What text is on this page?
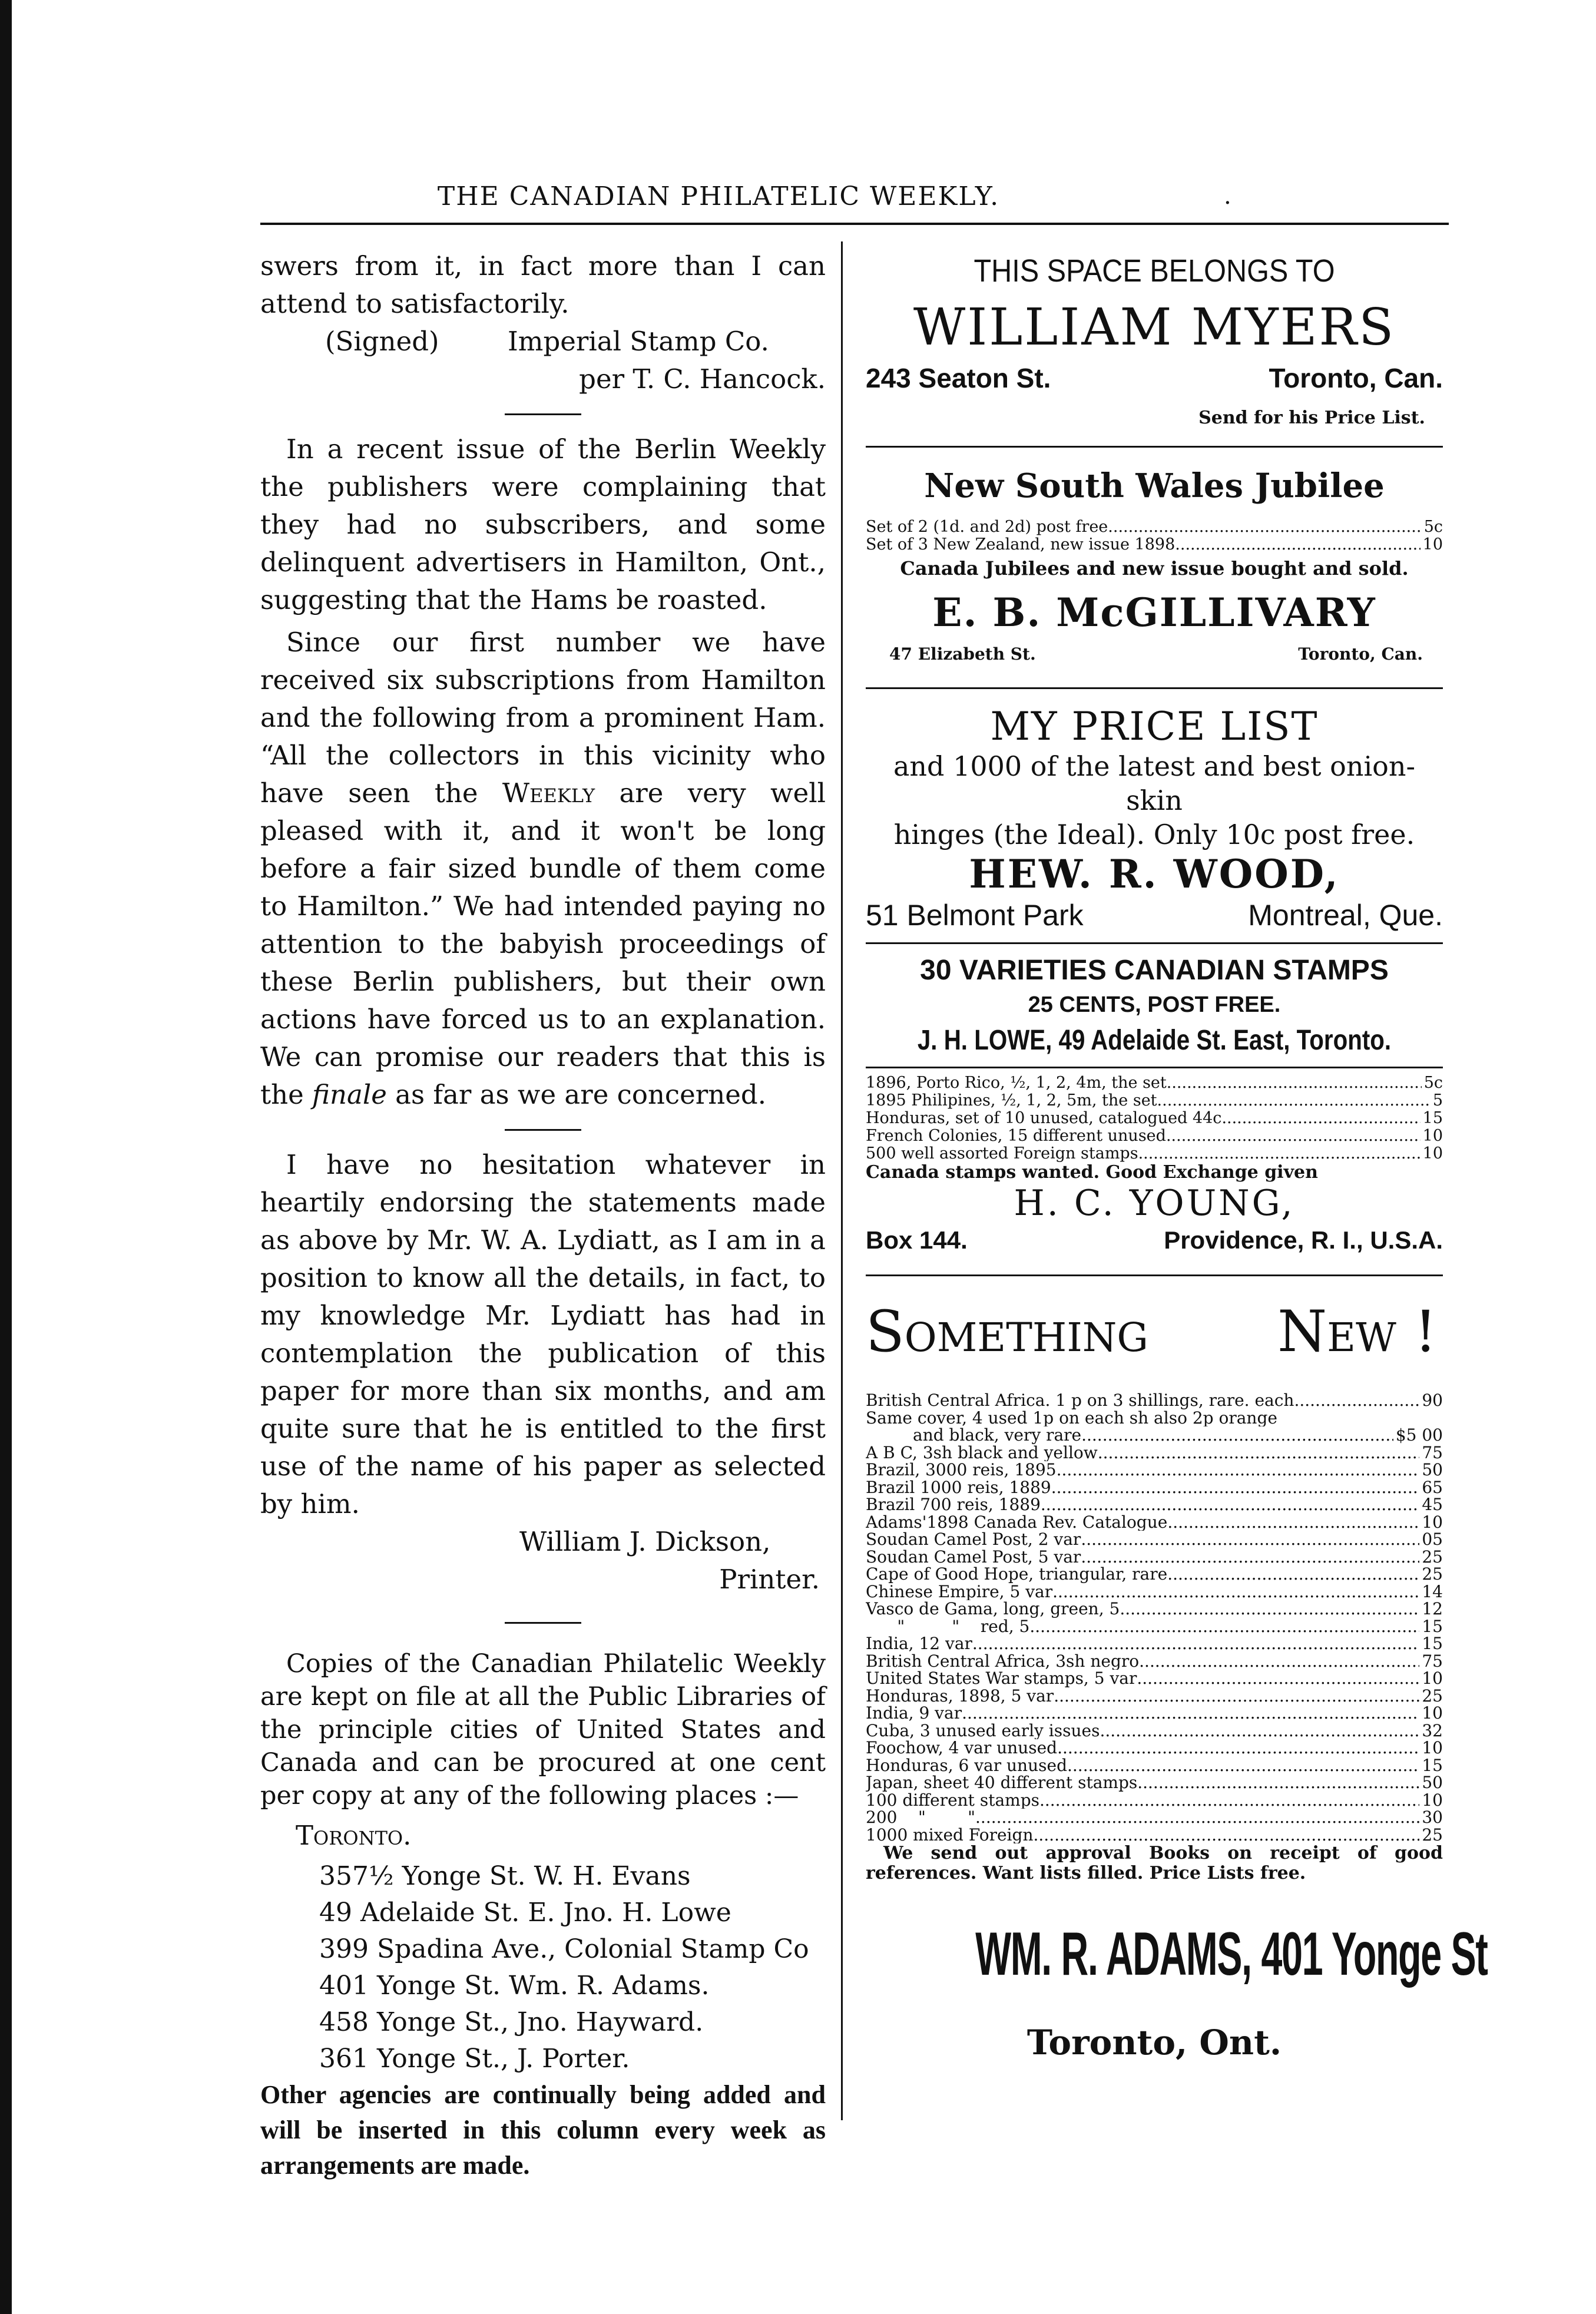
THE CANADIAN PHILATELIC WEEKLY.	.

swers from it, in fact more than I can attend to satisfactorily.

(Signed)	Imperial Stamp Co.
per T. C. Hancock.

In a recent issue of the Berlin Weekly the publishers were complaining that they had no subscribers, and some delinquent advertisers in Hamilton, Ont., suggesting that the Hams be roasted.

Since our first number we have received six subscriptions from Hamilton and the following from a prominent Ham. “All the collectors in this vicinity who have seen the Weekly are very well pleased with it, and it won't be long before a fair sized bundle of them come to Hamilton.” We had intended paying no attention to the babyish proceedings of these Berlin publishers, but their own actions have forced us to an explanation. We can promise our readers that this is the finale as far as we are concerned.

I have no hesitation whatever in heartily endorsing the statements made as above by Mr. W. A. Lydiatt, as I am in a position to know all the details, in fact, to my knowledge Mr. Lydiatt has had in contemplation the publication of this paper for more than six months, and am quite sure that he is entitled to the first use of the name of his paper as selected by him.

William J. Dickson,
Printer.

Copies of the Canadian Philatelic Weekly are kept on file at all the Public Libraries of the principle cities of United States and Canada and can be procured at one cent per copy at any of the following places :—

Toronto.
357½ Yonge St. W. H. Evans
49 Adelaide St. E. Jno. H. Lowe
399 Spadina Ave., Colonial Stamp Co
401 Yonge St. Wm. R. Adams.
458 Yonge St., Jno. Hayward.
361 Yonge St., J. Porter.

Other agencies are continually being added and will be inserted in this column every week as arrangements are made.

THIS SPACE BELONGS TO
WILLIAM MYERS
243 Seaton St.	Toronto, Can.
Send for his Price List.
New South Wales Jubilee
Set of 2 (1d. and 2d) post free .....	5c
Set of 3 New Zealand, new issue 1898 .....	10
Canada Jubilees and new issue bought and sold.
E. B. McGILLIVARY
47 Elizabeth St.	Toronto, Can.
MY PRICE LIST
and 1000 of the latest and best onion-skin
hinges (the Ideal). Only 10c post free.
HEW. R. WOOD,
51 Belmont Park	Montreal, Que.
30 VARIETIES CANADIAN STAMPS
25 CENTS, POST FREE.
J. H. LOWE, 49 Adelaide St. East, Toronto.
1896, Porto Rico, ½, 1, 2, 4m, the set .....	5c
1895 Philipines, ½, 1, 2, 5m, the set .....	5
Honduras, set of 10 unused, catalogued 44c .....	15
French Colonies, 15 different unused .....	10
500 well assorted Foreign stamps .....	10
Canada stamps wanted. Good Exchange given
H. C. YOUNG,
Box 144.	Providence, R. I., U.S.A.
Something New !
British Central Africa. 1 p on 3 shillings, rare. each .....	90
Same cover, 4 used 1p on each sh also 2p orange
and black, very rare .....	$5 00
A B C, 3sh black and yellow .....	75
Brazil, 3000 reis, 1895 .....	50
Brazil 1000 reis, 1889 .....	65
Brazil 700 reis, 1889 .....	45
Adams'1898 Canada Rev. Catalogue .....	10
Soudan Camel Post, 2 var .....	05
Soudan Camel Post, 5 var .....	25
Cape of Good Hope, triangular, rare .....	25
Chinese Empire, 5 var .....	14
Vasco de Gama, long, green, 5 .....	12
"         "    red, 5 .....	15
India, 12 var .....	15
British Central Africa, 3sh negro .....	75
United States War stamps, 5 var .....	10
Honduras, 1898, 5 var .....	25
India, 9 var .....	10
Cuba, 3 unused early issues .....	32
Foochow, 4 var unused .....	10
Honduras, 6 var unused .....	15
Japan, sheet 40 different stamps .....	50
100 different stamps .....	10
200    "        " .....	30
1000 mixed Foreign .....	25
We send out approval Books on receipt of good references. Want lists filled. Price Lists free.
WM. R. ADAMS, 401 Yonge St
Toronto, Ont.
